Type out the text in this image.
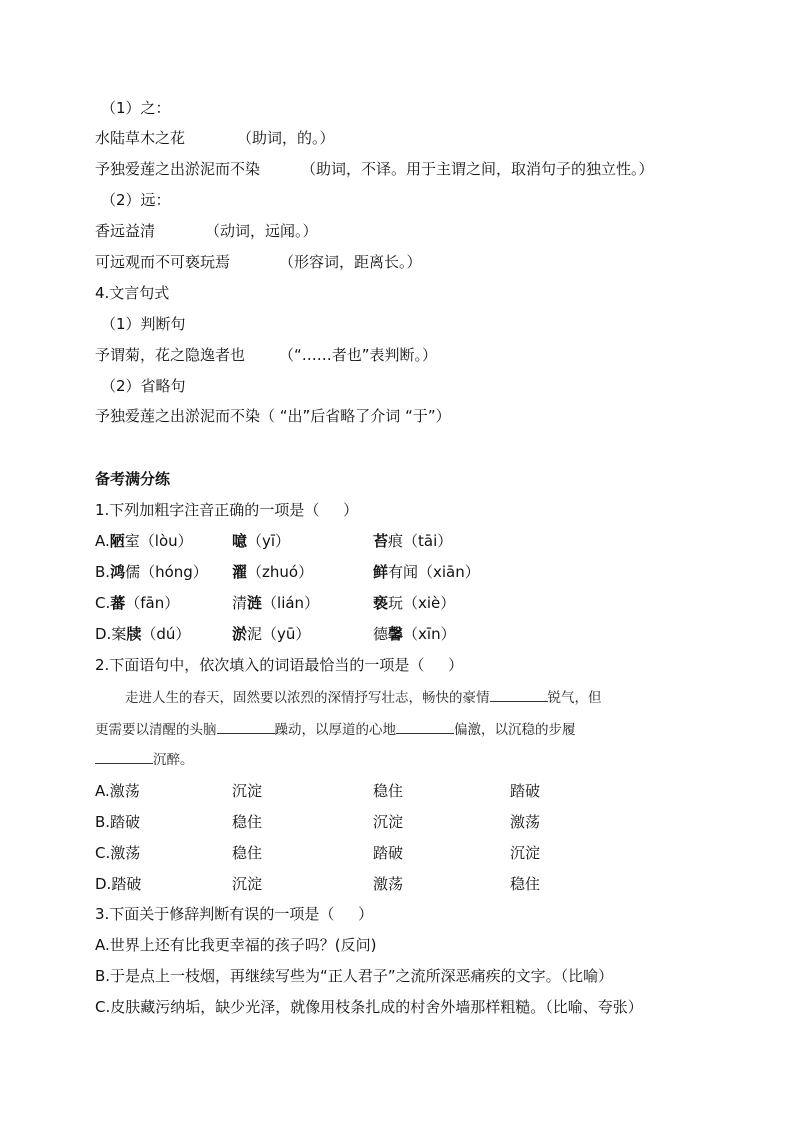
（1）之：
水陆草木之花	（助词，的。）
予独爱莲之出淤泥而不染	（助词，不译。用于主谓之间，取消句子的独立性。）
（2）远：
香远益清	（动词，远闻。）
可远观而不可亵玩焉	（形容词，距离长。）
4.文言句式
（1）判断句
予谓菊，花之隐逸者也 （“……者也”表判断。）
（2）省略句
予独爱莲之出淤泥而不染（ “出”后省略了介词 “于”）
备考满分练
1.下列加粗字注音正确的一项是（     ）
A.陋室（lòu）	噫（yī）	苔痕（tāi）
B.鸿儒（hóng） 濯（zhuó）	鲜有闻（xiān）
C.蕃（fān）	清涟（lián）	亵玩（xiè）
D.案牍（dú）	淤泥（yū）	德馨（xīn）
2.下面语句中，依次填入的词语最恰当的一项是（     ）
走进人生的春天，固然要以浓烈的深情抒写壮志，畅快的豪情	锐气，但
更需要以清醒的头脑	躁动，以厚道的心地	偏激，以沉稳的步履
沉醉。
A.激荡	沉淀	稳住	踏破
B.踏破	稳住	沉淀	激荡
C.激荡	稳住	踏破	沉淀
D.踏破	沉淀	激荡	稳住
3.下面关于修辞判断有误的一项是（     ）
A.世界上还有比我更幸福的孩子吗？(反问)
B.于是点上一枝烟，再继续写些为“正人君子”之流所深恶痛疾的文字。（比喻）
C.皮肤藏污纳垢，缺少光泽，就像用枝条扎成的村舍外墙那样粗糙。（比喻、夸张）
